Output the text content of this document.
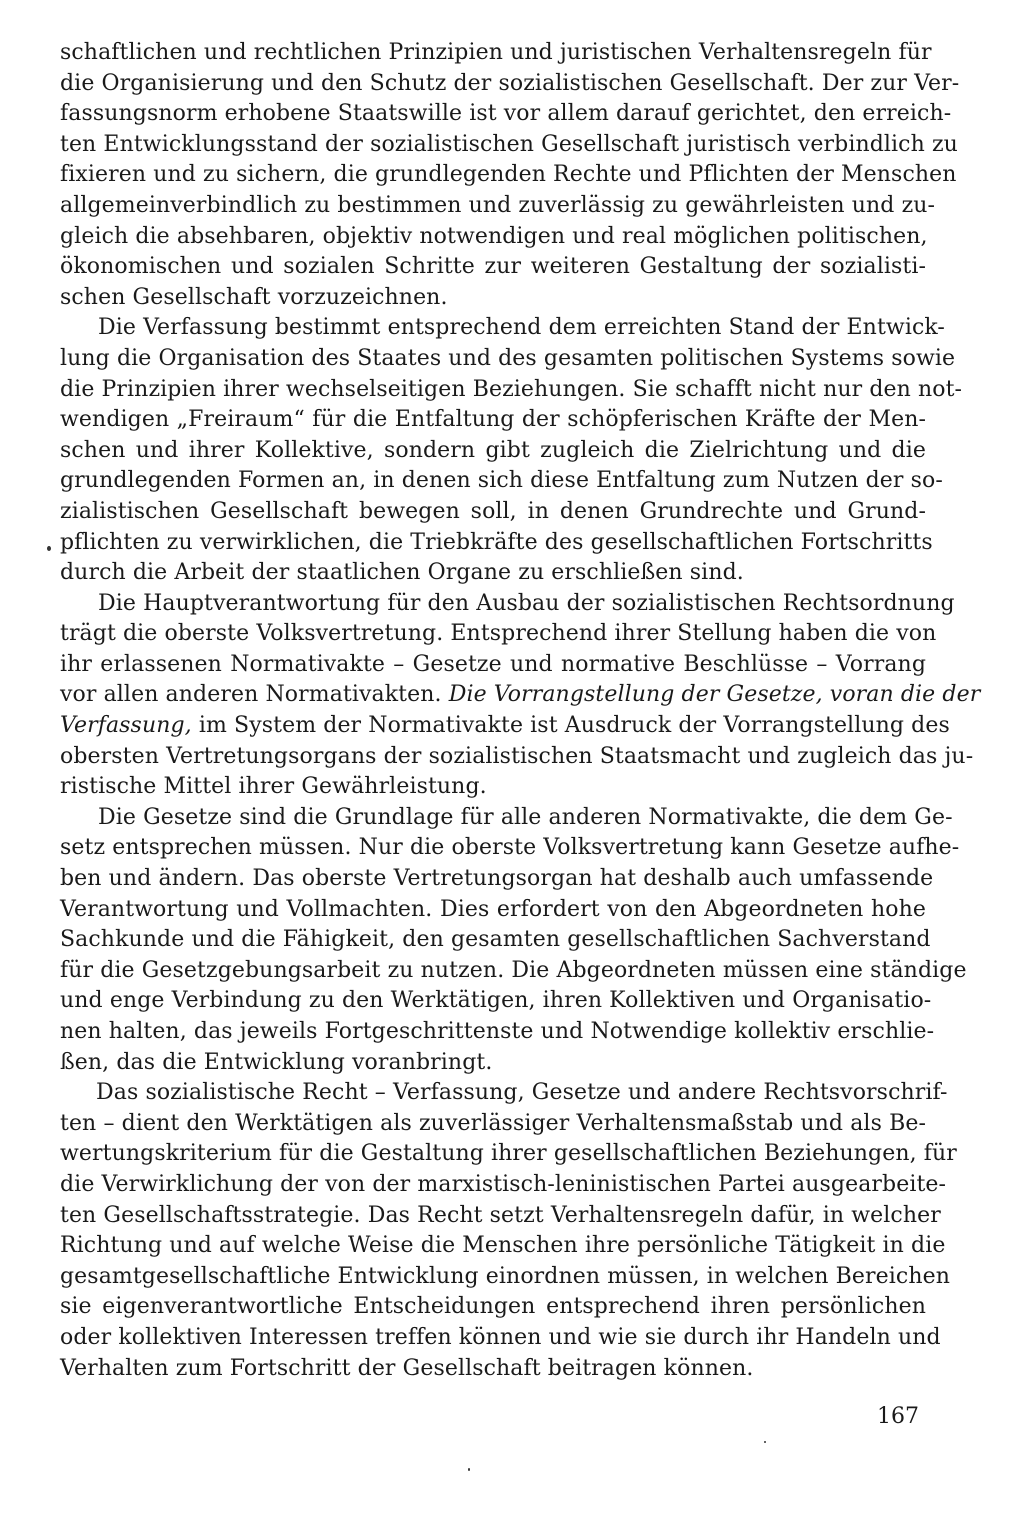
schaftlichen und rechtlichen Prinzipien und juristischen Verhaltensregeln für
die Organisierung und den Schutz der sozialistischen Gesellschaft. Der zur Ver-
fassungsnorm erhobene Staatswille ist vor allem darauf gerichtet, den erreich-
ten Entwicklungsstand der sozialistischen Gesellschaft juristisch verbindlich zu
fixieren und zu sichern, die grundlegenden Rechte und Pflichten der Menschen
allgemeinverbindlich zu bestimmen und zuverlässig zu gewährleisten und zu-
gleich die absehbaren, objektiv notwendigen und real möglichen politischen,
ökonomischen und sozialen Schritte zur weiteren Gestaltung der sozialisti-
schen Gesellschaft vorzuzeichnen.
Die Verfassung bestimmt entsprechend dem erreichten Stand der Entwick-
lung die Organisation des Staates und des gesamten politischen Systems sowie
die Prinzipien ihrer wechselseitigen Beziehungen. Sie schafft nicht nur den not-
wendigen „Freiraum“ für die Entfaltung der schöpferischen Kräfte der Men-
schen und ihrer Kollektive, sondern gibt zugleich die Zielrichtung und die
grundlegenden Formen an, in denen sich diese Entfaltung zum Nutzen der so-
zialistischen Gesellschaft bewegen soll, in denen Grundrechte und Grund-
pflichten zu verwirklichen, die Triebkräfte des gesellschaftlichen Fortschritts
durch die Arbeit der staatlichen Organe zu erschließen sind.
Die Hauptverantwortung für den Ausbau der sozialistischen Rechtsordnung
trägt die oberste Volksvertretung. Entsprechend ihrer Stellung haben die von
ihr erlassenen Normativakte – Gesetze und normative Beschlüsse – Vorrang
vor allen anderen Normativakten. Die Vorrangstellung der Gesetze, voran die der
Verfassung, im System der Normativakte ist Ausdruck der Vorrangstellung des
obersten Vertretungsorgans der sozialistischen Staatsmacht und zugleich das ju-
ristische Mittel ihrer Gewährleistung.
Die Gesetze sind die Grundlage für alle anderen Normativakte, die dem Ge-
setz entsprechen müssen. Nur die oberste Volksvertretung kann Gesetze aufhe-
ben und ändern. Das oberste Vertretungsorgan hat deshalb auch umfassende
Verantwortung und Vollmachten. Dies erfordert von den Abgeordneten hohe
Sachkunde und die Fähigkeit, den gesamten gesellschaftlichen Sachverstand
für die Gesetzgebungsarbeit zu nutzen. Die Abgeordneten müssen eine ständige
und enge Verbindung zu den Werktätigen, ihren Kollektiven und Organisatio-
nen halten, das jeweils Fortgeschrittenste und Notwendige kollektiv erschlie-
ßen, das die Entwicklung voranbringt.
Das sozialistische Recht – Verfassung, Gesetze und andere Rechtsvorschrif-
ten – dient den Werktätigen als zuverlässiger Verhaltensmaßstab und als Be-
wertungskriterium für die Gestaltung ihrer gesellschaftlichen Beziehungen, für
die Verwirklichung der von der marxistisch-leninistischen Partei ausgearbeite-
ten Gesellschaftsstrategie. Das Recht setzt Verhaltensregeln dafür, in welcher
Richtung und auf welche Weise die Menschen ihre persönliche Tätigkeit in die
gesamtgesellschaftliche Entwicklung einordnen müssen, in welchen Bereichen
sie eigenverantwortliche Entscheidungen entsprechend ihren persönlichen
oder kollektiven Interessen treffen können und wie sie durch ihr Handeln und
Verhalten zum Fortschritt der Gesellschaft beitragen können.
167
